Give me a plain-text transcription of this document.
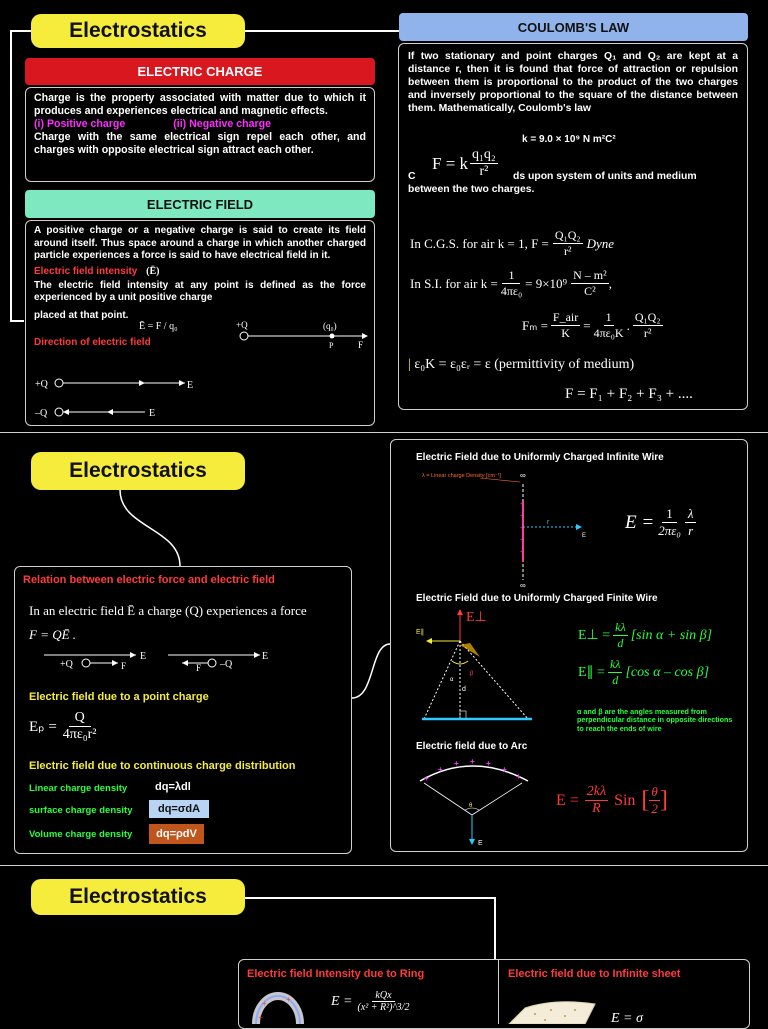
Electrostatics
ELECTRIC CHARGE
Charge is the property associated with matter due to which it produces and experiences electrical and magnetic effects.
(i) Positive charge	(ii) Negative charge
Charge with the same electrical sign repel each other, and charges with opposite electrical sign attract each other.
ELECTRIC FIELD
A positive charge or a negative charge is said to create its field around itself. Thus space around a charge in which another charged particle experiences a force is said to have electrical field in it.
Electric field intensity (Ē)
The electric field intensity at any point is defined as the force experienced by a unit positive charge
placed at that point.
Direction of electric field
Ē = F / q₀	+Q	(q₀)
P	F
+Q	E
–Q	E
COULOMB'S LAW
If two stationary and point charges Q₁ and Q₂ are kept at a distance r, then it is found that force of attraction or repulsion between them is proportional to the product of the two charges and inversely proportional to the square of the distance between them. Mathematically, Coulomb's law
k = 9.0 × 10⁹ N m²C²
F = k $\frac{\text{q₁q₂}}{\text{r²}}$
C	ds upon system of units and medium
between the two charges.
In C.G.S. for air k = 1, $F = \frac{\text{Q₁Q₂}}{\text{r²}}$ Dyne
In S.I. for air $k = \frac{1}{\text{4πε₀}} = 9\times 10^9 \frac{\text{N – m²}}{\text{C²}}$ ,
Fₘ =
F_air
K
= $\frac{1}{\text{4πε₀K}}$ . $\frac{\text{Q₁Q₂}}{\text{r²}}$
| ε₀K = ε₀εᵣ = ε (permittivity of medium)
F = F₁ + F₂ + F₃ + ....
Electrostatics
Relation between electric force and electric field
In an electric field Ē a charge (Q) experiences a force
F = QĒ .
+Q	F
E
F –Q
E
Electric field due to a point charge
$E_p = \frac{Q}{\text{4πε₀r²}}$
Electric field due to continuous charge distribution
Linear charge density	dq=λdl
surface charge density	dq=σdA
Volume charge density	dq=ρdV
Electric Field due to Uniformly Charged Infinite Wire
λ = Linear charge Density [cm⁻¹] ∞
+
+
+
+
+
∞
r
E
$E = \frac{1}{\text{2πε₀}} \frac{\lambda}{r}$
Electric Field due to Uniformly Charged Finite Wire
E⊥
E∥
α
β
d
E⊥ = $\frac{k\lambda}{d} [\sin$ α + sin β]
E∥ = $\frac{k\lambda}{d} [\cos$ α – cos β]
α and β are the angles measured from perpendicular distance in opposite directions to reach the ends of wire
Electric field due to Arc
+
+
+ + +
+
+
θ
E
$E = \frac{2k\lambda}{R}$ Sin [ $\frac{\theta}{2}$ ]
Electrostatics
Electric field Intensity due to Ring
+ +
+
E =	kQx
(x² + R²)^3/2
Electric field due to Infinite sheet
E = σ
